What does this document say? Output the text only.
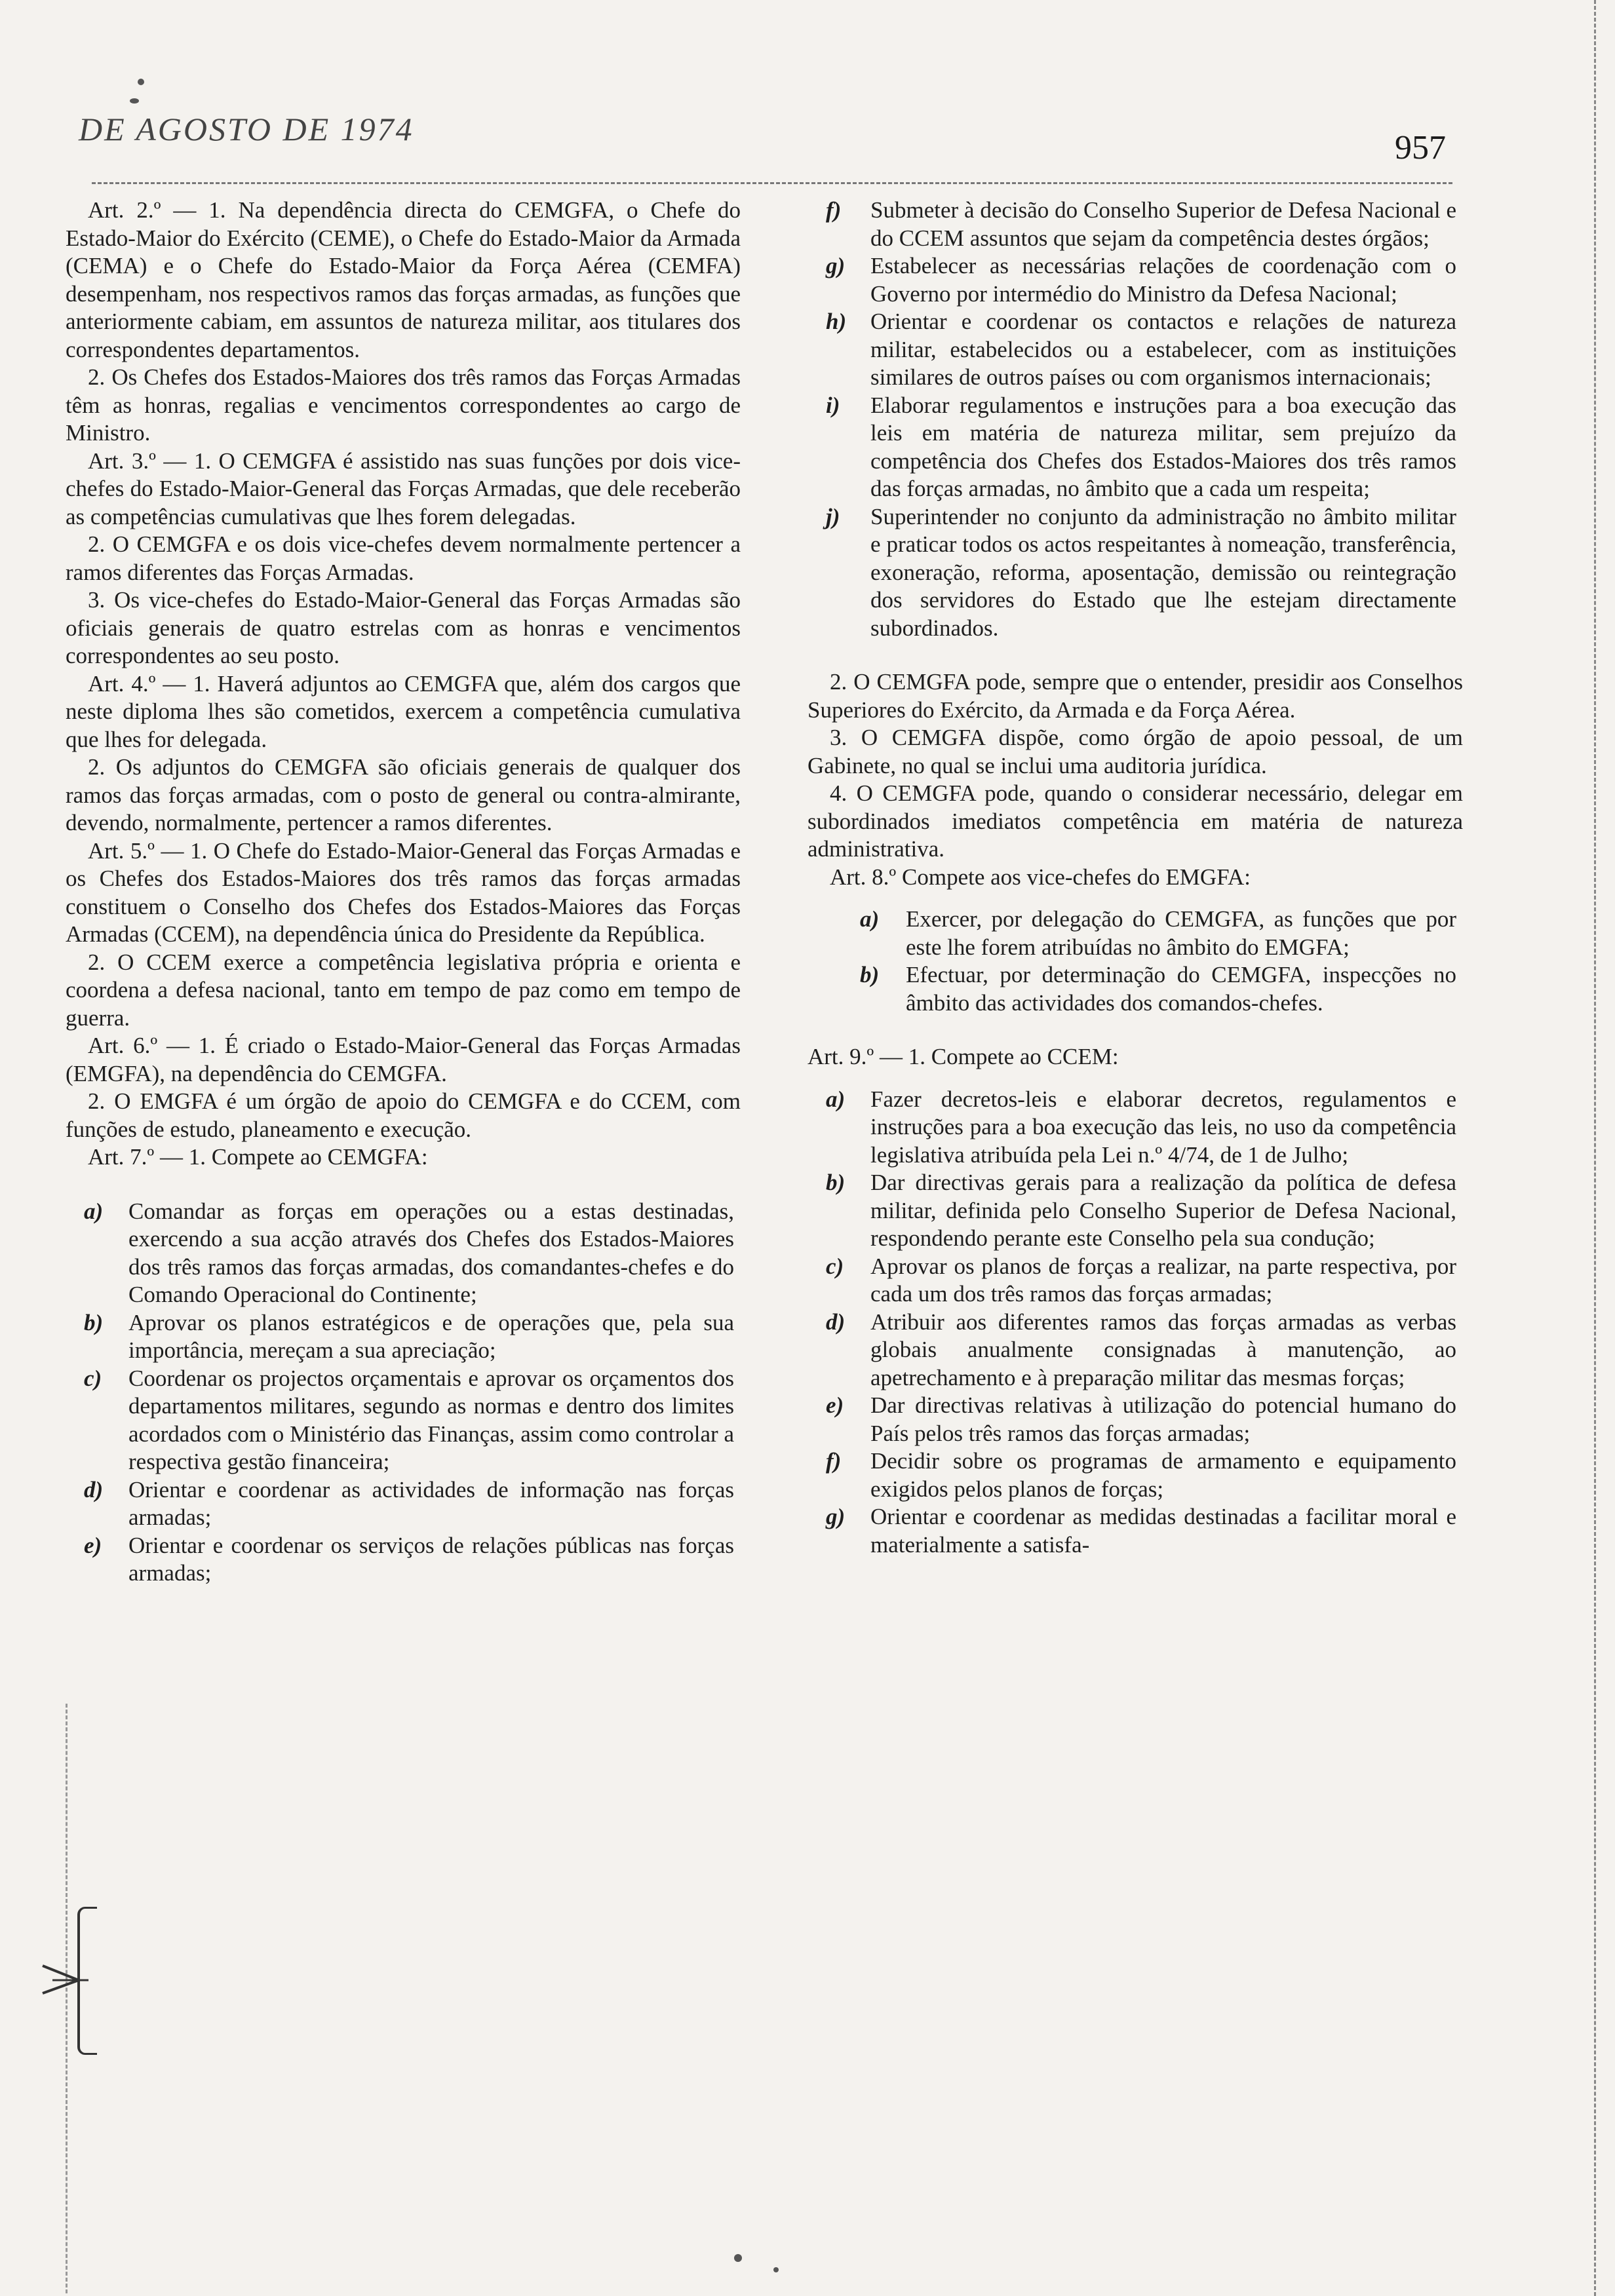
DE AGOSTO DE 1974	957

Art. 2.º — 1. Na dependência directa do CEMGFA, o Chefe do Estado-Maior do Exército (CEME), o Chefe do Estado-Maior da Armada (CEMA) e o Chefe do Estado-Maior da Força Aérea (CEMFA) desempenham, nos respectivos ramos das forças armadas, as funções que anteriormente cabiam, em assuntos de natureza militar, aos titulares dos correspondentes departamentos.

2. Os Chefes dos Estados-Maiores dos três ramos das Forças Armadas têm as honras, regalias e vencimentos correspondentes ao cargo de Ministro.

Art. 3.º — 1. O CEMGFA é assistido nas suas funções por dois vice-chefes do Estado-Maior-General das Forças Armadas, que dele receberão as competências cumulativas que lhes forem delegadas.

2. O CEMGFA e os dois vice-chefes devem normalmente pertencer a ramos diferentes das Forças Armadas.

3. Os vice-chefes do Estado-Maior-General das Forças Armadas são oficiais generais de quatro estrelas com as honras e vencimentos correspondentes ao seu posto.

Art. 4.º — 1. Haverá adjuntos ao CEMGFA que, além dos cargos que neste diploma lhes são cometidos, exercem a competência cumulativa que lhes for delegada.

2. Os adjuntos do CEMGFA são oficiais generais de qualquer dos ramos das forças armadas, com o posto de general ou contra-almirante, devendo, normalmente, pertencer a ramos diferentes.

Art. 5.º — 1. O Chefe do Estado-Maior-General das Forças Armadas e os Chefes dos Estados-Maiores dos três ramos das forças armadas constituem o Conselho dos Chefes dos Estados-Maiores das Forças Armadas (CCEM), na dependência única do Presidente da República.

2. O CCEM exerce a competência legislativa própria e orienta e coordena a defesa nacional, tanto em tempo de paz como em tempo de guerra.

Art. 6.º — 1. É criado o Estado-Maior-General das Forças Armadas (EMGFA), na dependência do CEMGFA.

2. O EMGFA é um órgão de apoio do CEMGFA e do CCEM, com funções de estudo, planeamento e execução.

Art. 7.º — 1. Compete ao CEMGFA:

a) Comandar as forças em operações ou a estas destinadas, exercendo a sua acção através dos Chefes dos Estados-Maiores dos três ramos das forças armadas, dos comandantes-chefes e do Comando Operacional do Continente;
b) Aprovar os planos estratégicos e de operações que, pela sua importância, mereçam a sua apreciação;
c) Coordenar os projectos orçamentais e aprovar os orçamentos dos departamentos militares, segundo as normas e dentro dos limites acordados com o Ministério das Finanças, assim como controlar a respectiva gestão financeira;
d) Orientar e coordenar as actividades de informação nas forças armadas;
e) Orientar e coordenar os serviços de relações públicas nas forças armadas;
f) Submeter à decisão do Conselho Superior de Defesa Nacional e do CCEM assuntos que sejam da competência destes órgãos;
g) Estabelecer as necessárias relações de coordenação com o Governo por intermédio do Ministro da Defesa Nacional;
h) Orientar e coordenar os contactos e relações de natureza militar, estabelecidos ou a estabelecer, com as instituições similares de outros países ou com organismos internacionais;
i) Elaborar regulamentos e instruções para a boa execução das leis em matéria de natureza militar, sem prejuízo da competência dos Chefes dos Estados-Maiores dos três ramos das forças armadas, no âmbito que a cada um respeita;
j) Superintender no conjunto da administração no âmbito militar e praticar todos os actos respeitantes à nomeação, transferência, exoneração, reforma, aposentação, demissão ou reintegração dos servidores do Estado que lhe estejam directamente subordinados.

2. O CEMGFA pode, sempre que o entender, presidir aos Conselhos Superiores do Exército, da Armada e da Força Aérea.

3. O CEMGFA dispõe, como órgão de apoio pessoal, de um Gabinete, no qual se inclui uma auditoria jurídica.

4. O CEMGFA pode, quando o considerar necessário, delegar em subordinados imediatos competência em matéria de natureza administrativa.

Art. 8.º Compete aos vice-chefes do EMGFA:

a) Exercer, por delegação do CEMGFA, as funções que por este lhe forem atribuídas no âmbito do EMGFA;
b) Efectuar, por determinação do CEMGFA, inspecções no âmbito das actividades dos comandos-chefes.

Art. 9.º — 1. Compete ao CCEM:

a) Fazer decretos-leis e elaborar decretos, regulamentos e instruções para a boa execução das leis, no uso da competência legislativa atribuída pela Lei n.º 4/74, de 1 de Julho;
b) Dar directivas gerais para a realização da política de defesa militar, definida pelo Conselho Superior de Defesa Nacional, respondendo perante este Conselho pela sua condução;
c) Aprovar os planos de forças a realizar, na parte respectiva, por cada um dos três ramos das forças armadas;
d) Atribuir aos diferentes ramos das forças armadas as verbas globais anualmente consignadas à manutenção, ao apetrechamento e à preparação militar das mesmas forças;
e) Dar directivas relativas à utilização do potencial humano do País pelos três ramos das forças armadas;
f) Decidir sobre os programas de armamento e equipamento exigidos pelos planos de forças;
g) Orientar e coordenar as medidas destinadas a facilitar moral e materialmente a satisfa-
